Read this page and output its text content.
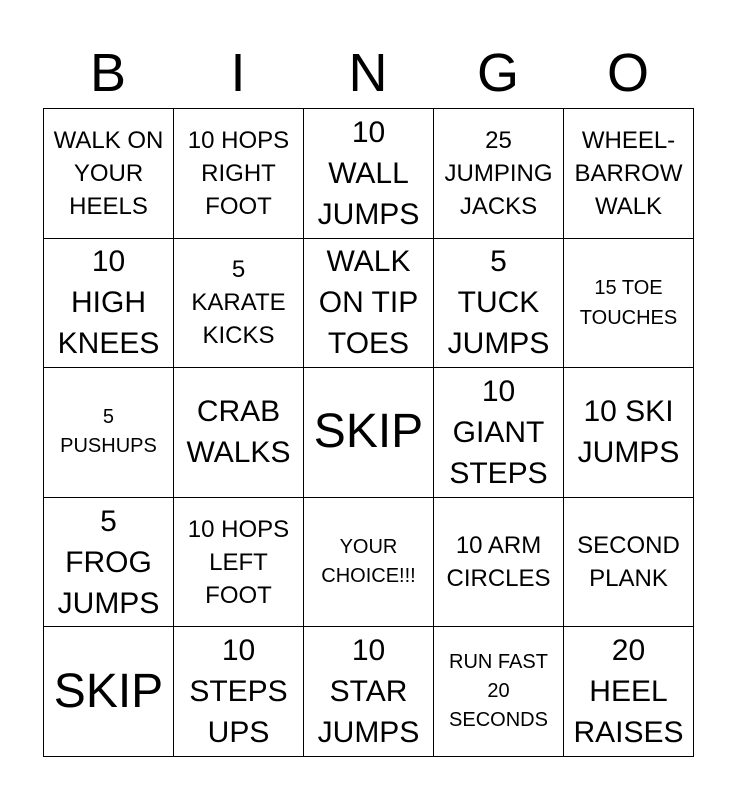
B	I	N	G	O
WALK ON
YOUR
HEELS
10 HOPS
RIGHT
FOOT
10
WALL
JUMPS
25
JUMPING
JACKS
WHEEL-
BARROW
WALK
10
HIGH
KNEES
5
KARATE
KICKS
WALK
ON TIP
TOES
5
TUCK
JUMPS
15 TOE
TOUCHES
5
PUSHUPS
CRAB
WALKS SKIP
10
GIANT
STEPS
10 SKI
JUMPS
5
FROG
JUMPS
10 HOPS
LEFT
FOOT
YOUR
CHOICE!!!
10 ARM
CIRCLES
SECOND
PLANK
SKIP
10
STEPS
UPS
10
STAR
JUMPS
RUN FAST
20
SECONDS
20
HEEL
RAISES
